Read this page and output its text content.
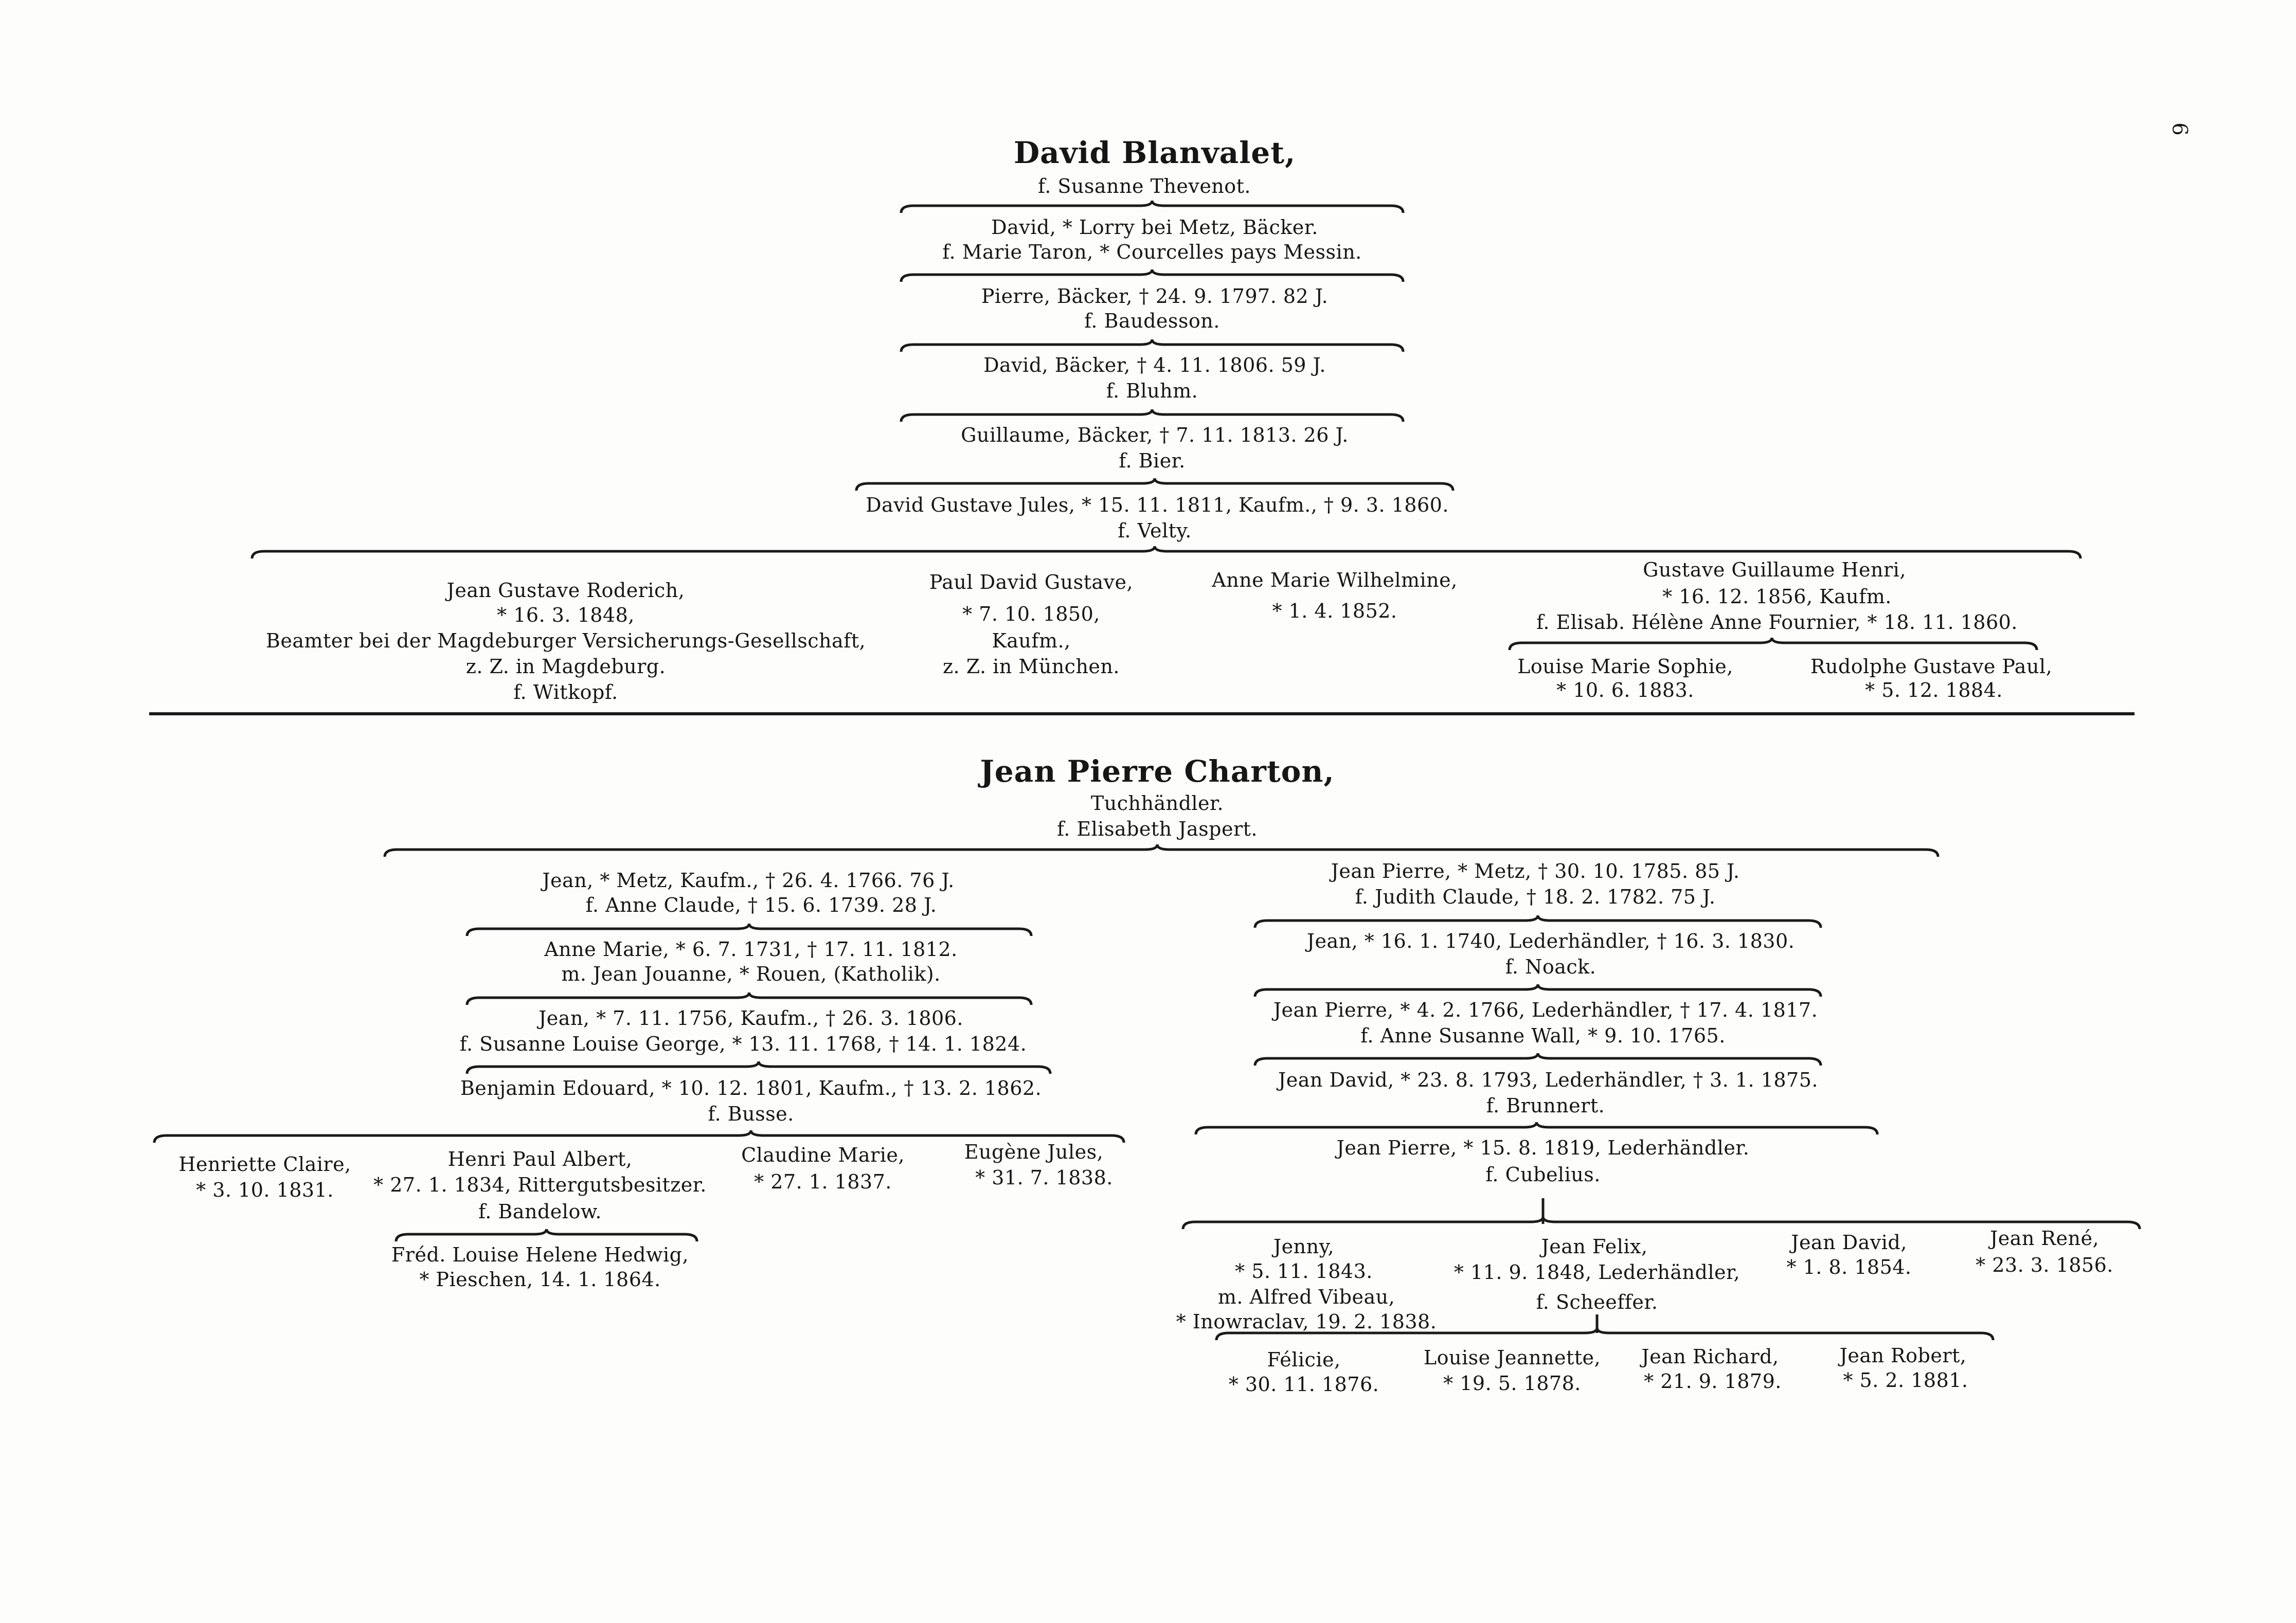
6
David Blanvalet,
f. Susanne Thevenot.
David, * Lorry bei Metz, Bäcker.
f. Marie Taron, * Courcelles pays Messin.
Pierre, Bäcker, † 24. 9. 1797. 82 J.
f. Baudesson.
David, Bäcker, † 4. 11. 1806. 59 J.
f. Bluhm.
Guillaume, Bäcker, † 7. 11. 1813. 26 J.
f. Bier.
David Gustave Jules, * 15. 11. 1811, Kaufm., † 9. 3. 1860.
f. Velty.
Jean Gustave Roderich,
* 16. 3. 1848,
Beamter bei der Magdeburger Versicherungs-Gesellschaft,
z. Z. in Magdeburg.
f. Witkopf.
Paul David Gustave,
* 7. 10. 1850,
Kaufm.,
z. Z. in München.
Anne Marie Wilhelmine,
* 1. 4. 1852.
Gustave Guillaume Henri,
* 16. 12. 1856, Kaufm.
f. Elisab. Hélène Anne Fournier, * 18. 11. 1860.
Louise Marie Sophie,
* 10. 6. 1883.
Rudolphe Gustave Paul,
* 5. 12. 1884.
Jean Pierre Charton,
Tuchhändler.
f. Elisabeth Jaspert.
Jean, * Metz, Kaufm., † 26. 4. 1766. 76 J.
f. Anne Claude, † 15. 6. 1739. 28 J.
Anne Marie, * 6. 7. 1731, † 17. 11. 1812.
m. Jean Jouanne, * Rouen, (Katholik).
Jean, * 7. 11. 1756, Kaufm., † 26. 3. 1806.
f. Susanne Louise George, * 13. 11. 1768, † 14. 1. 1824.
Benjamin Edouard, * 10. 12. 1801, Kaufm., † 13. 2. 1862.
f. Busse.
Henriette Claire,
* 3. 10. 1831.
Henri Paul Albert,
* 27. 1. 1834, Rittergutsbesitzer.
f. Bandelow.
Claudine Marie,
* 27. 1. 1837.
Eugène Jules,
* 31. 7. 1838.
Fréd. Louise Helene Hedwig,
* Pieschen, 14. 1. 1864.
Jean Pierre, * Metz, † 30. 10. 1785. 85 J.
f. Judith Claude, † 18. 2. 1782. 75 J.
Jean, * 16. 1. 1740, Lederhändler, † 16. 3. 1830.
f. Noack.
Jean Pierre, * 4. 2. 1766, Lederhändler, † 17. 4. 1817.
f. Anne Susanne Wall, * 9. 10. 1765.
Jean David, * 23. 8. 1793, Lederhändler, † 3. 1. 1875.
f. Brunnert.
Jean Pierre, * 15. 8. 1819, Lederhändler.
f. Cubelius.
Jenny,
* 5. 11. 1843.
m. Alfred Vibeau,
* Inowraclav, 19. 2. 1838.
Jean Felix,
* 11. 9. 1848, Lederhändler,
f. Scheeffer.
Jean David,
* 1. 8. 1854.
Jean René,
* 23. 3. 1856.
Félicie,
* 30. 11. 1876.
Louise Jeannette,
* 19. 5. 1878.
Jean Richard,
* 21. 9. 1879.
Jean Robert,
* 5. 2. 1881.
